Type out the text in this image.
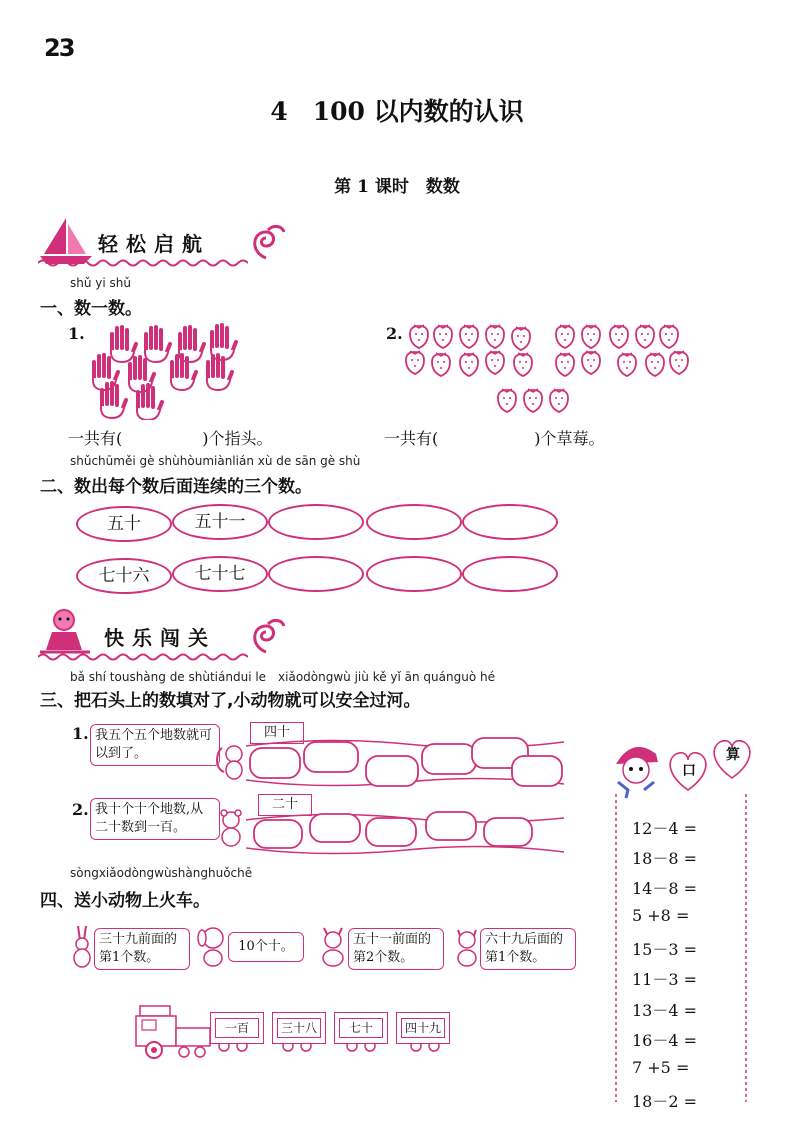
23
4　100 以内数的认识
第 1 课时　数数
轻松启航
shǔ yi shǔ
一、数一数。
1.	2.
一共有(　　　　　)个指头。	一共有(　　　　　　)个草莓。
shǔchūměi gè shùhòumiànlián xù de sān gè shù
二、数出每个数后面连续的三个数。
五十	五十一
七十六	七十七
快乐闯关
bǎ shí toushàng de shùtiándui le　xiǎodòngwù jiù kě yǐ ān quánguò hé
三、把石头上的数填对了,小动物就可以安全过河。
1. 我五个五个地数就可以到了。
四十
2. 我十个十个地数,从二十数到一百。
二十
sòngxiǎodòngwùshànghuǒchē
四、送小动物上火车。
三十九前面的第1个数。
10个十。	五十一前面的第2个数。
六十九后面的第1个数。
一百	三十八	七十	四十九
口
算
12－4 =
18－8 =
14－8 =
5 +8 =
15－3 =
11－3 =
13－4 =
16－4 =
7 +5 =
18－2 =
